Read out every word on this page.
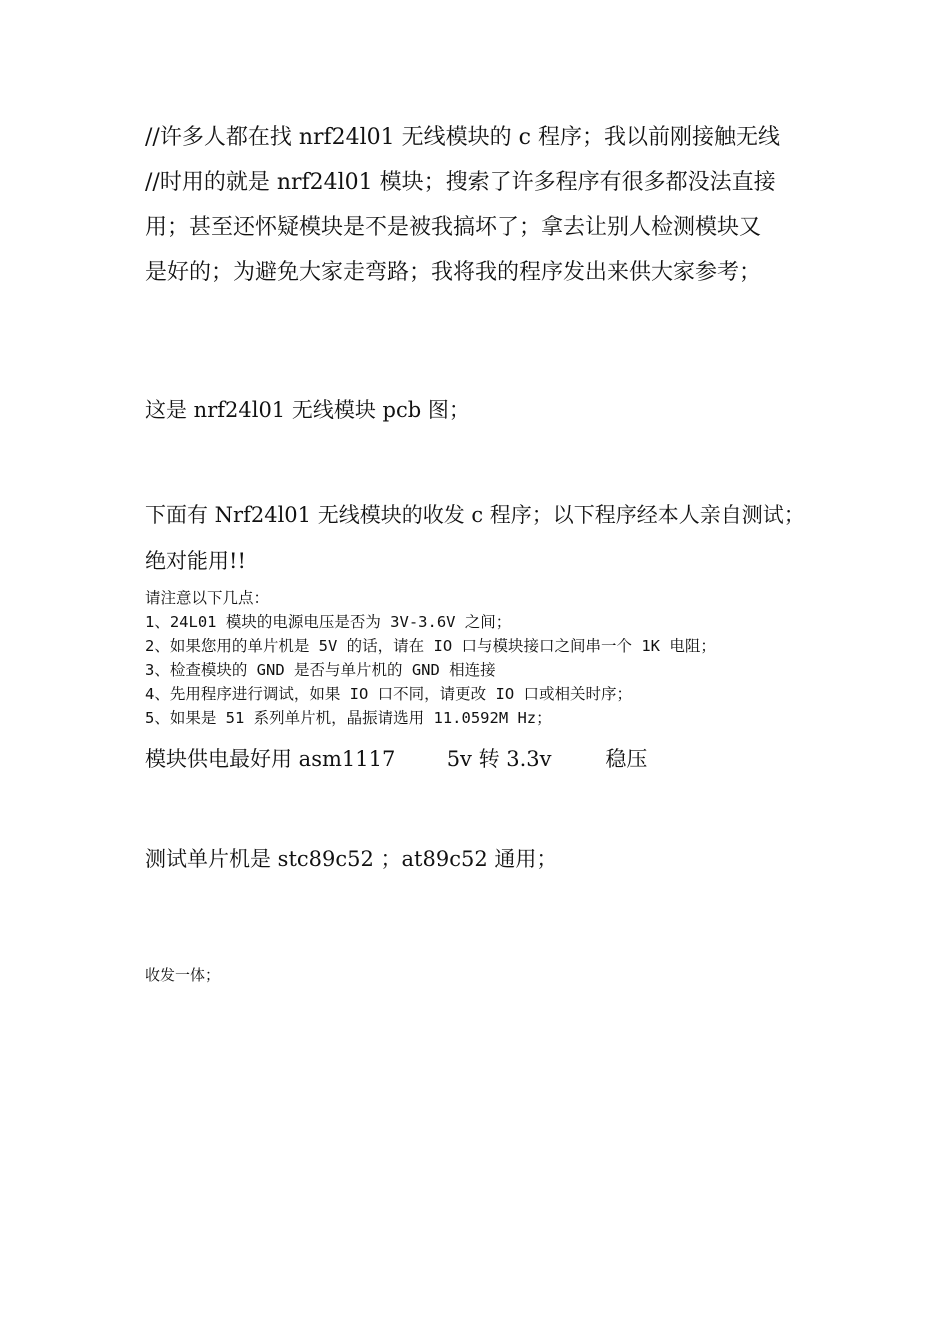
//许多人都在找 nrf24l01 无线模块的 c 程序；我以前刚接触无线
//时用的就是 nrf24l01 模块；搜索了许多程序有很多都没法直接
用；甚至还怀疑模块是不是被我搞坏了；拿去让别人检测模块又
是好的；为避免大家走弯路；我将我的程序发出来供大家参考；
这是 nrf24l01 无线模块 pcb 图；
下面有 Nrf24l01 无线模块的收发 c 程序；以下程序经本人亲自测试；
绝对能用!!
请注意以下几点：
1、24L01 模块的电源电压是否为 3V-3.6V 之间；
2、如果您用的单片机是 5V 的话，请在 IO 口与模块接口之间串一个 1K 电阻；
3、检查模块的 GND 是否与单片机的 GND 相连接
4、先用程序进行调试，如果 IO 口不同，请更改 IO 口或相关时序；
5、如果是 51 系列单片机，晶振请选用 11.0592M Hz；
模块供电最好用 asm1117 5v 转 3.3v	稳压
测试单片机是 stc89c52 ；at89c52 通用；
收发一体；
